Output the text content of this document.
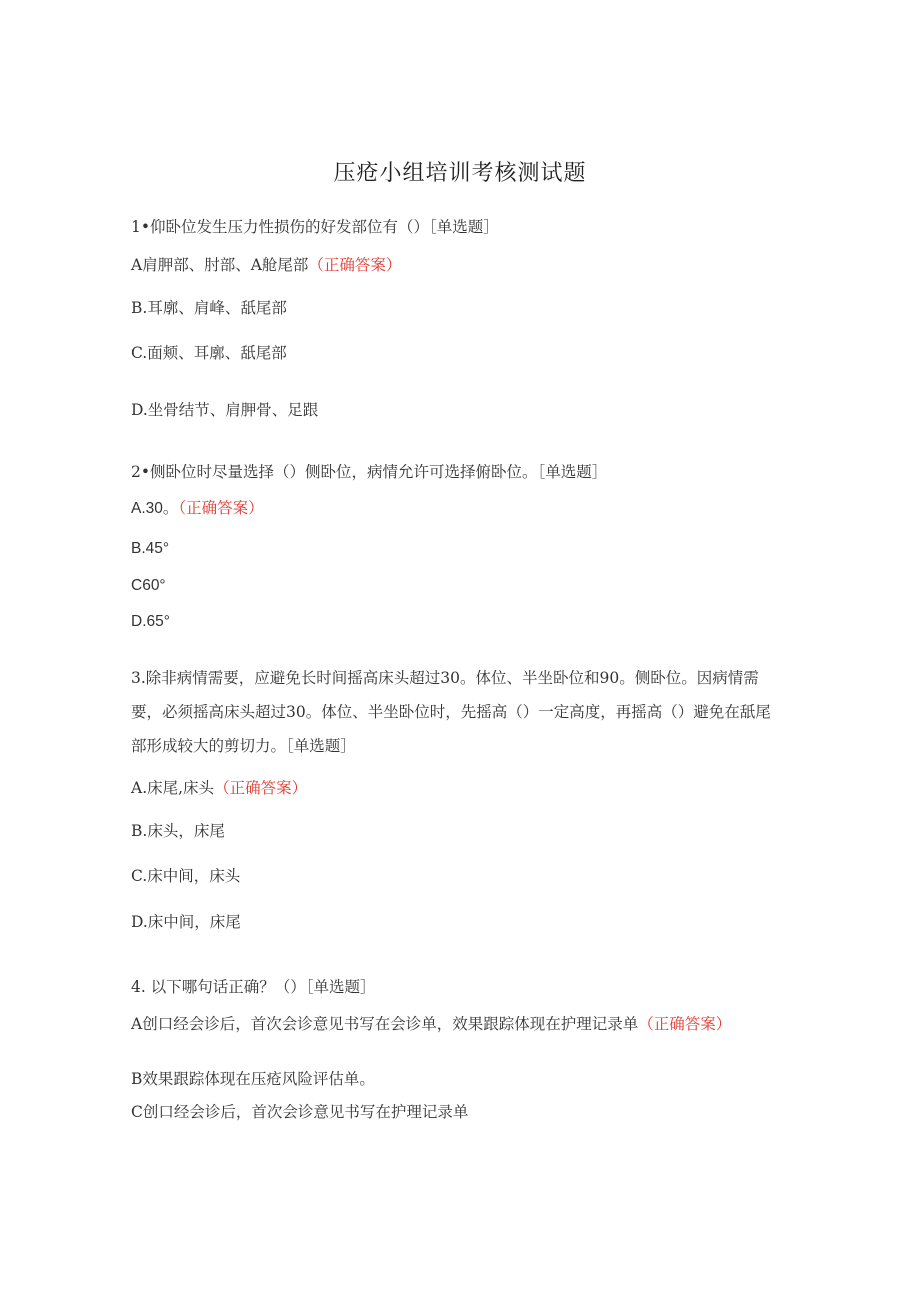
压疮小组培训考核测试题
1•仰卧位发生压力性损伤的好发部位有（）［单选题］
A肩胛部、肘部、A舱尾部（正确答案）
B.耳廓、肩峰、舐尾部
C.面颊、耳廓、舐尾部
D.坐骨结节、肩胛骨、足跟
2•侧卧位时尽量选择（）侧卧位，病情允许可选择俯卧位。［单选题］
A.30。（正确答案）
B.45°
C60°
D.65°
3.除非病情需要，应避免长时间摇高床头超过30。体位、半坐卧位和90。侧卧位。因病情需要，必须摇高床头超过30。体位、半坐卧位时，先摇高（）一定高度，再摇高（）避免在舐尾部形成较大的剪切力。［单选题］
A.床尾,床头（正确答案）
B.床头，床尾
C.床中间，床头
D.床中间，床尾
4. 以下哪句话正确？（）［单选题］
A创口经会诊后，首次会诊意见书写在会诊单，效果跟踪体现在护理记录单（正确答案）
B效果跟踪体现在压疮风险评估单。
C创口经会诊后，首次会诊意见书写在护理记录单
